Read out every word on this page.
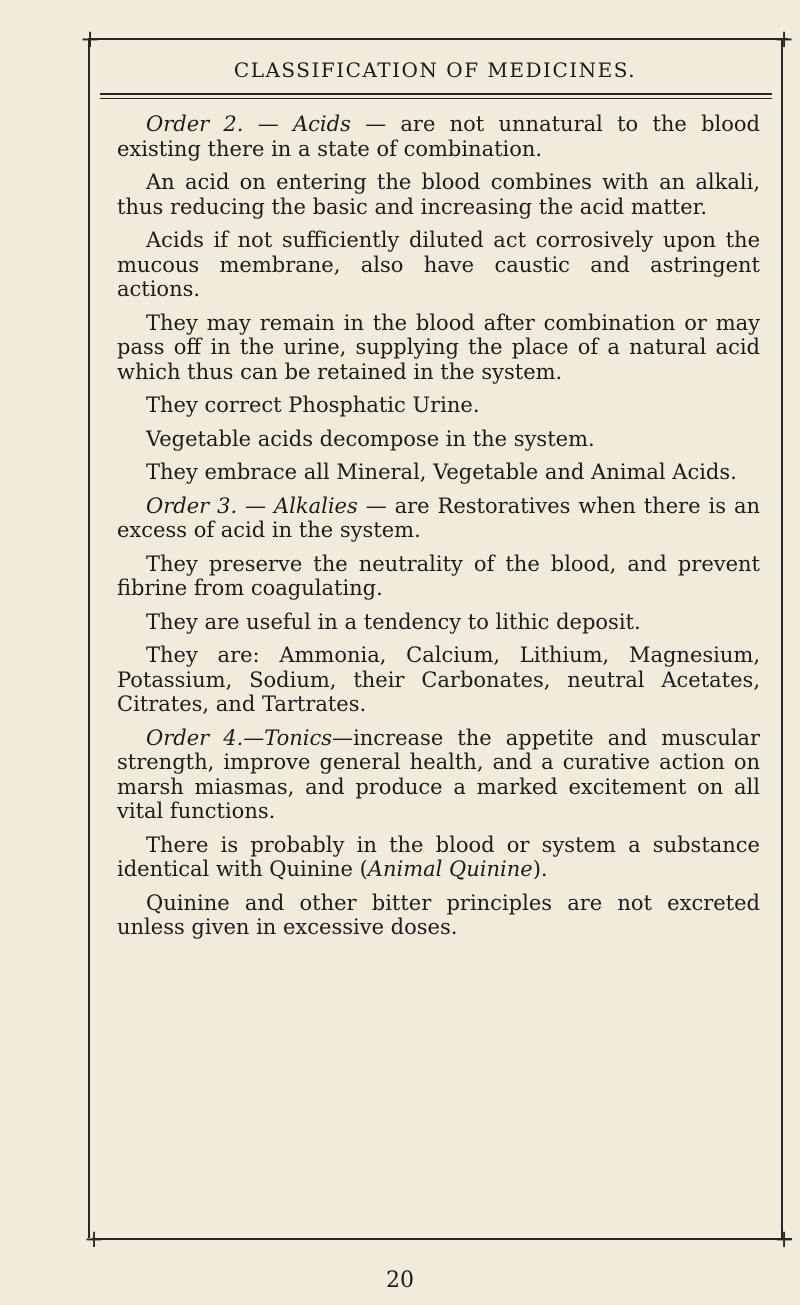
+	+
+	+
CLASSIFICATION OF MEDICINES.

Order 2. — Acids — are not unnatural to the blood existing there in a state of combination.

An acid on entering the blood combines with an alkali, thus reducing the basic and increasing the acid matter.

Acids if not sufficiently diluted act corrosively upon the mucous membrane, also have caustic and astringent actions.

They may remain in the blood after combination or may pass off in the urine, supplying the place of a natural acid which thus can be retained in the system.

They correct Phosphatic Urine.

Vegetable acids decompose in the system.

They embrace all Mineral, Vegetable and Animal Acids.

Order 3. — Alkalies — are Restoratives when there is an excess of acid in the system.

They preserve the neutrality of the blood, and prevent fibrine from coagulating.

They are useful in a tendency to lithic deposit.

They are: Ammonia, Calcium, Lithium, Magnesium, Potassium, Sodium, their Carbonates, neutral Acetates, Citrates, and Tartrates.

Order 4.—Tonics—increase the appetite and muscular strength, improve general health, and a curative action on marsh miasmas, and produce a marked excitement on all vital functions.

There is probably in the blood or system a substance identical with Quinine (Animal Quinine).

Quinine and other bitter principles are not excreted unless given in excessive doses.

20
